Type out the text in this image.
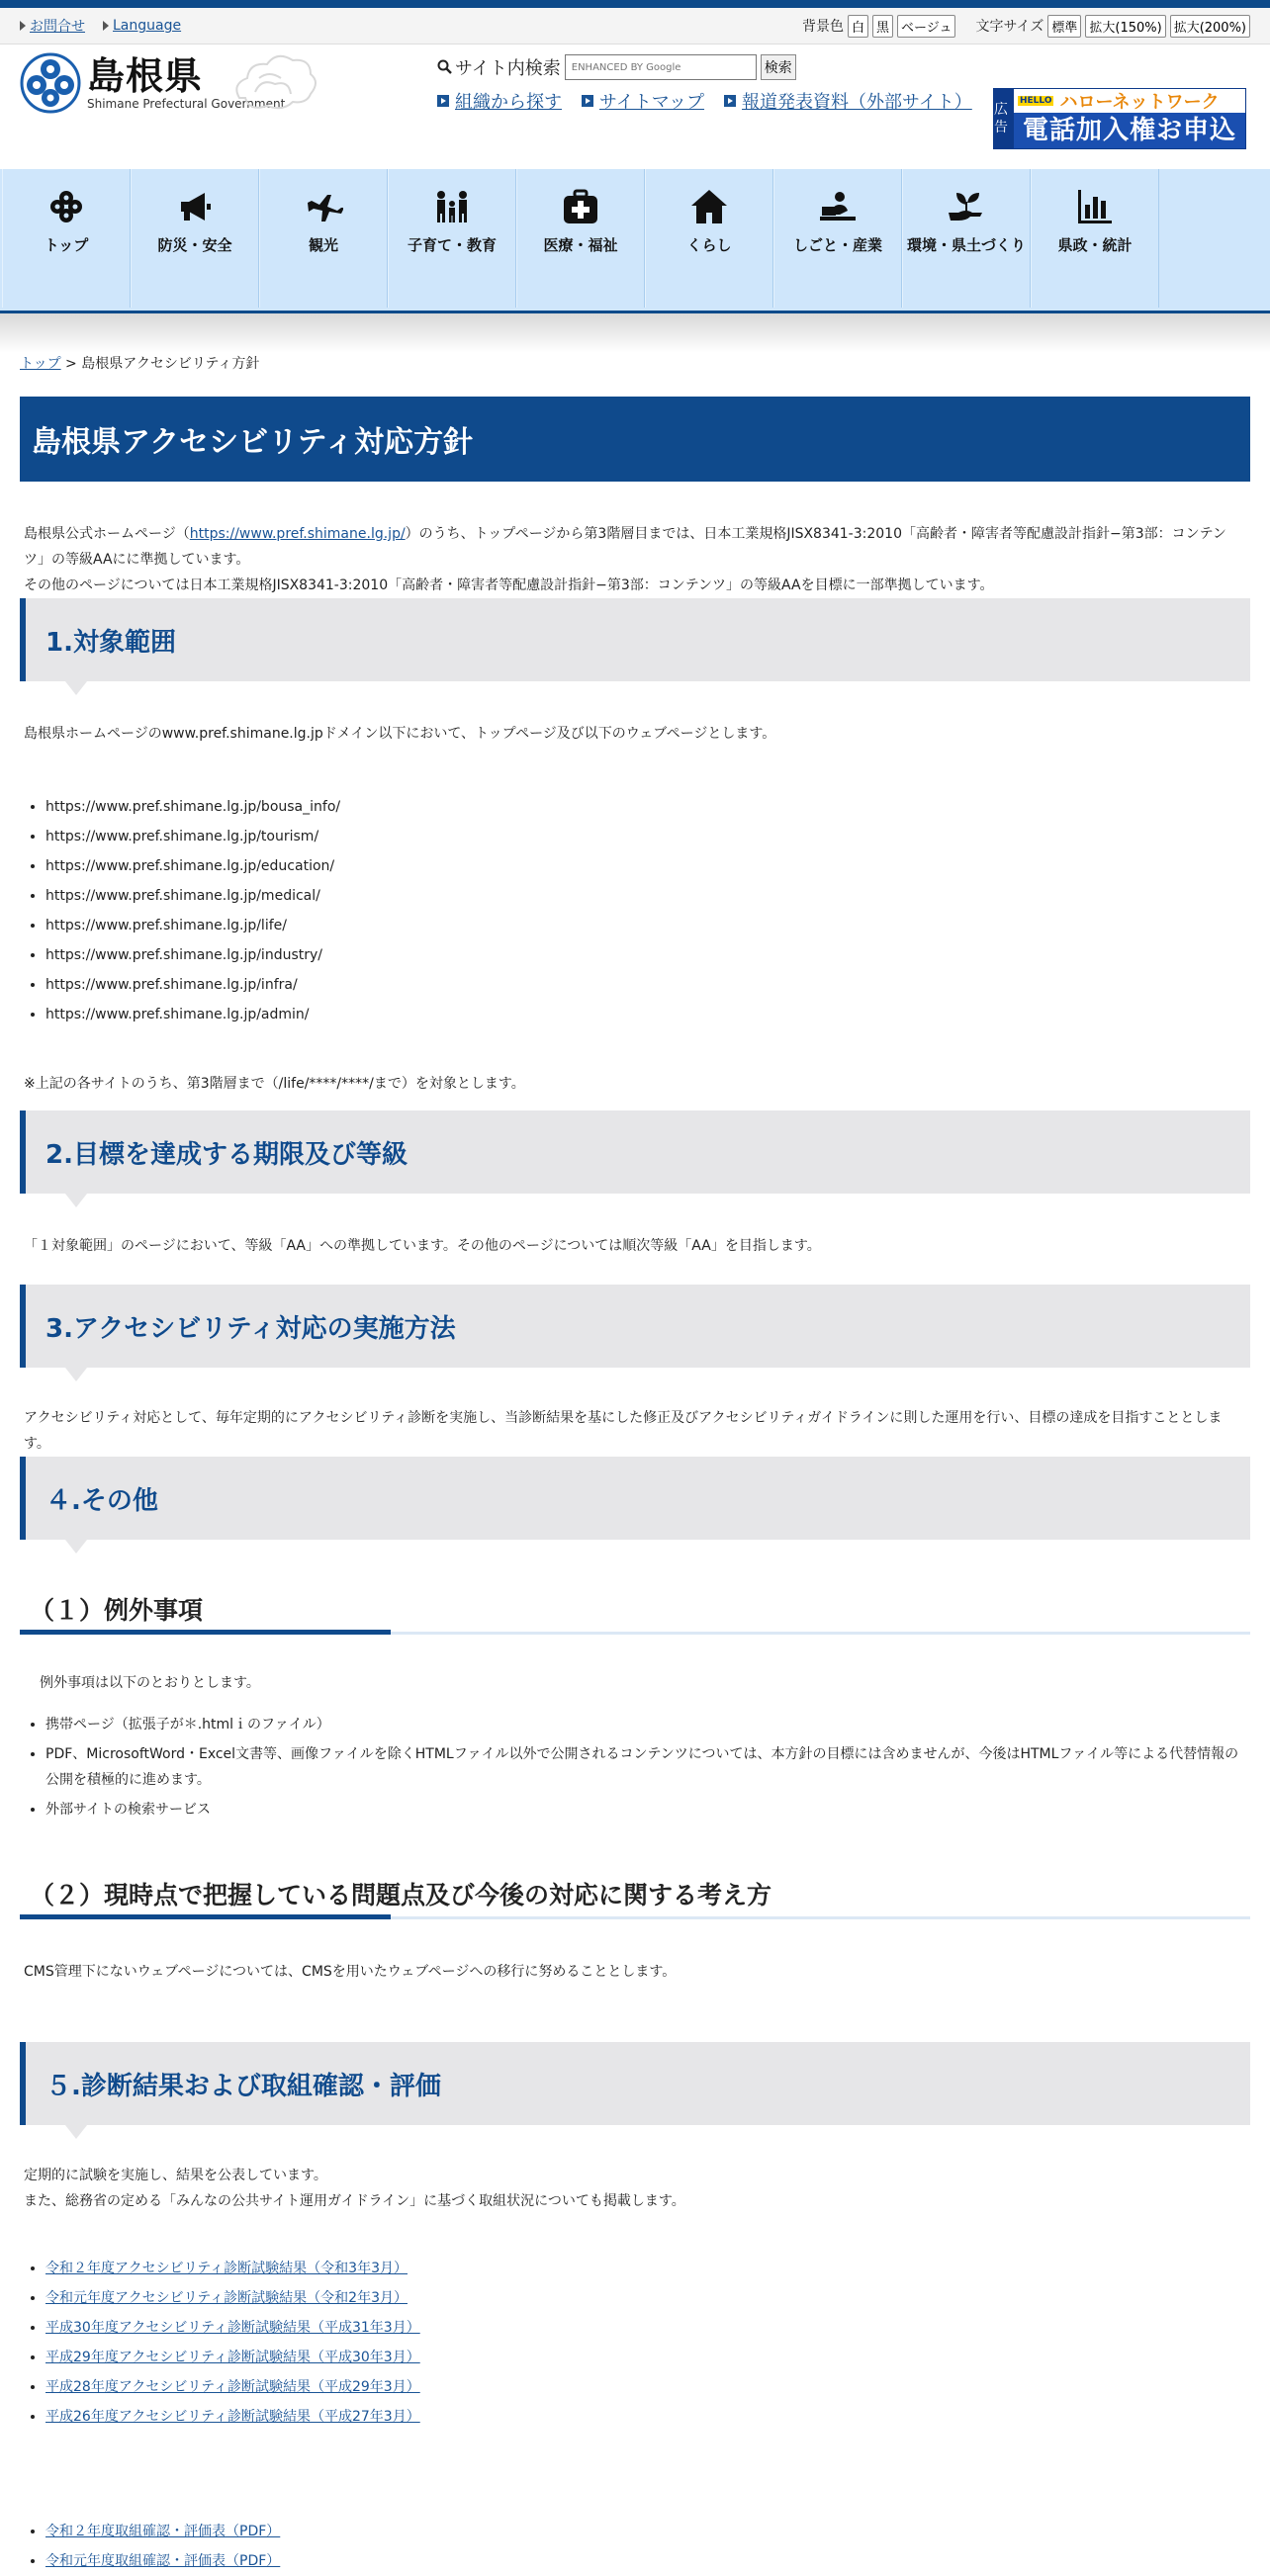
お問合せ Language	背景色 白 黒 ベージュ 文字サイズ 標準 拡大(150%) 拡大(200%)
島根県
Shimane Prefectural Government
サイト内検索
ENHANCED BY Google	検索
組織から探す サイトマップ 報道発表資料（外部サイト） 広告
HELLO ハローネットワーク
電話加入権お申込
トップ	防災・安全	観光	子育て・教育	医療・福祉	くらし	しごと・産業 環境・県土づくり 県政・統計
トップ > 島根県アクセシビリティ方針
島根県アクセシビリティ対応方針
島根県公式ホームページ（https://www.pref.shimane.lg.jp/）のうち、トップページから第3階層目までは、日本工業規格JISX8341-3:2010「高齢者・障害者等配慮設計指針−第3部：コンテンツ」の等級AAにに準拠しています。
その他のページについては日本工業規格JISX8341-3:2010「高齢者・障害者等配慮設計指針−第3部：コンテンツ」の等級AAを目標に一部準拠しています。
1.対象範囲

島根県ホームページのwww.pref.shimane.lg.jpドメイン以下において、トップページ及び以下のウェブページとします。

• https://www.pref.shimane.lg.jp/bousa_info/
• https://www.pref.shimane.lg.jp/tourism/
• https://www.pref.shimane.lg.jp/education/
• https://www.pref.shimane.lg.jp/medical/
• https://www.pref.shimane.lg.jp/life/
• https://www.pref.shimane.lg.jp/industry/
• https://www.pref.shimane.lg.jp/infra/
• https://www.pref.shimane.lg.jp/admin/

※上記の各サイトのうち、第3階層まで（/life/****/****/まで）を対象とします。

2.目標を達成する期限及び等級

「１対象範囲」のページにおいて、等級「AA」への準拠しています。その他のページについては順次等級「AA」を目指します。

3.アクセシビリティ対応の実施方法

アクセシビリティ対応として、毎年定期的にアクセシビリティ診断を実施し、当診断結果を基にした修正及びアクセシビリティガイドラインに則した運用を行い、目標の達成を目指すこととします。

４.その他
（１）例外事項

例外事項は以下のとおりとします。

• 携帯ページ（拡張子が＊.htmlｉのファイル）
• PDF、MicrosoftWord・Excel文書等、画像ファイルを除くHTMLファイル以外で公開されるコンテンツについては、本方針の目標には含めませんが、今後はHTMLファイル等による代替情報の公開を積極的に進めます。
• 外部サイトの検索サービス
（２）現時点で把握している問題点及び今後の対応に関する考え方

CMS管理下にないウェブページについては、CMSを用いたウェブページへの移行に努めることとします。

５.診断結果および取組確認・評価

定期的に試験を実施し、結果を公表しています。
また、総務省の定める「みんなの公共サイト運用ガイドライン」に基づく取組状況についても掲載します。

• 令和２年度アクセシビリティ診断試験結果（令和3年3月）
• 令和元年度アクセシビリティ診断試験結果（令和2年3月）
• 平成30年度アクセシビリティ診断試験結果（平成31年3月）
• 平成29年度アクセシビリティ診断試験結果（平成30年3月）
• 平成28年度アクセシビリティ診断試験結果（平成29年3月）
• 平成26年度アクセシビリティ診断試験結果（平成27年3月）
• 令和２年度取組確認・評価表（PDF）
• 令和元年度取組確認・評価表（PDF）
